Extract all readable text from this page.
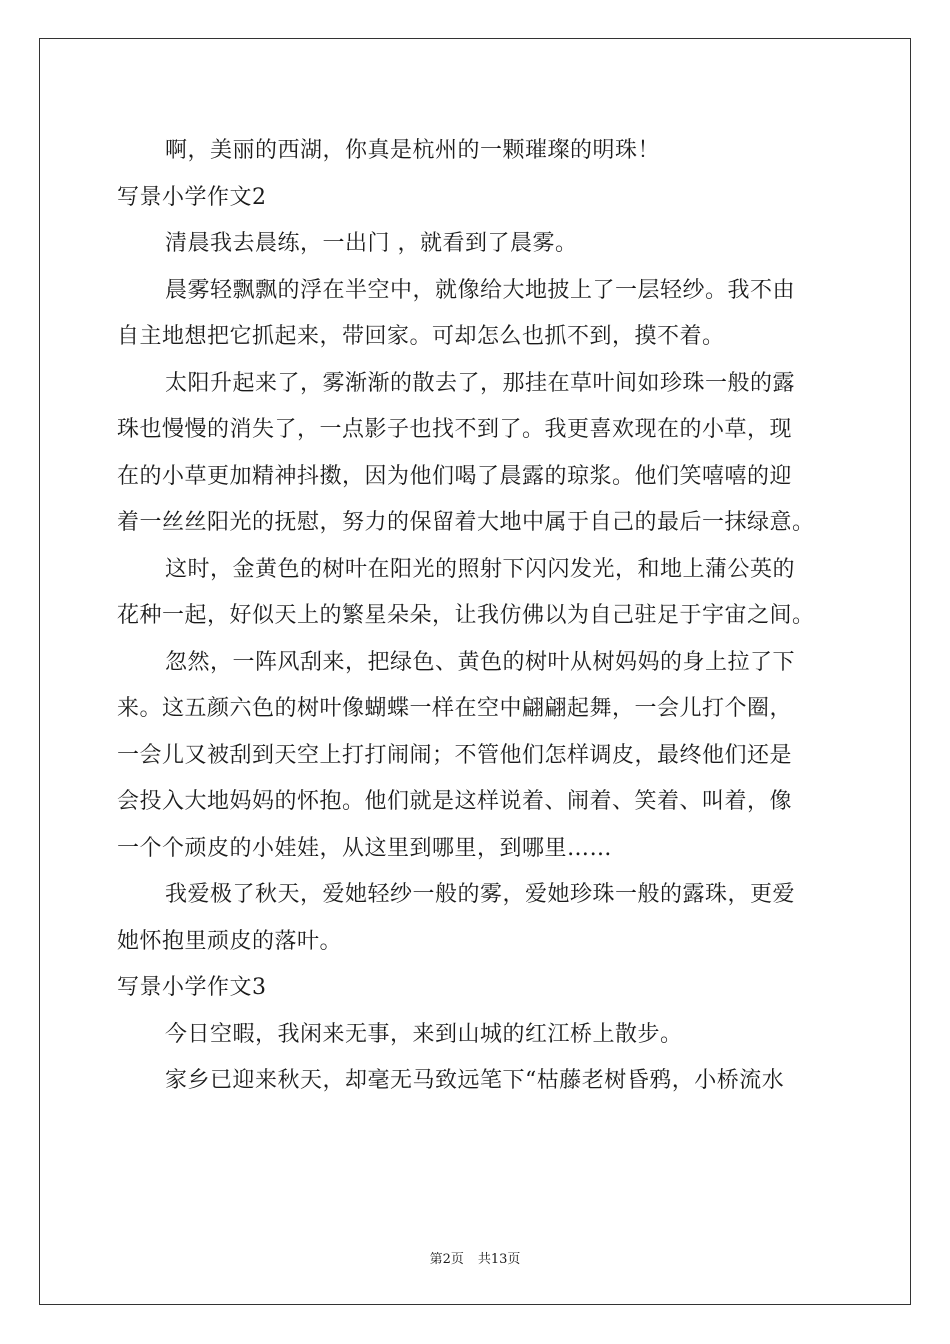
啊，美丽的西湖，你真是杭州的一颗璀璨的明珠！
写景小学作文2
清晨我去晨练，一出门 ，就看到了晨雾。
晨雾轻飘飘的浮在半空中，就像给大地披上了一层轻纱。我不由
自主地想把它抓起来，带回家。可却怎么也抓不到，摸不着。
太阳升起来了，雾渐渐的散去了，那挂在草叶间如珍珠一般的露
珠也慢慢的消失了，一点影子也找不到了。我更喜欢现在的小草，现
在的小草更加精神抖擞，因为他们喝了晨露的琼浆。他们笑嘻嘻的迎
着一丝丝阳光的抚慰，努力的保留着大地中属于自己的最后一抹绿意。
这时，金黄色的树叶在阳光的照射下闪闪发光，和地上蒲公英的
花种一起，好似天上的繁星朵朵，让我仿佛以为自己驻足于宇宙之间。
忽然，一阵风刮来，把绿色、黄色的树叶从树妈妈的身上拉了下
来。这五颜六色的树叶像蝴蝶一样在空中翩翩起舞，一会儿打个圈，
一会儿又被刮到天空上打打闹闹；不管他们怎样调皮，最终他们还是
会投入大地妈妈的怀抱。他们就是这样说着、闹着、笑着、叫着，像
一个个顽皮的小娃娃，从这里到哪里，到哪里……
我爱极了秋天，爱她轻纱一般的雾，爱她珍珠一般的露珠，更爱
她怀抱里顽皮的落叶。
写景小学作文3
今日空暇，我闲来无事，来到山城的红江桥上散步。
家乡已迎来秋天，却毫无马致远笔下“枯藤老树昏鸦，小桥流水
第2页 共13页
